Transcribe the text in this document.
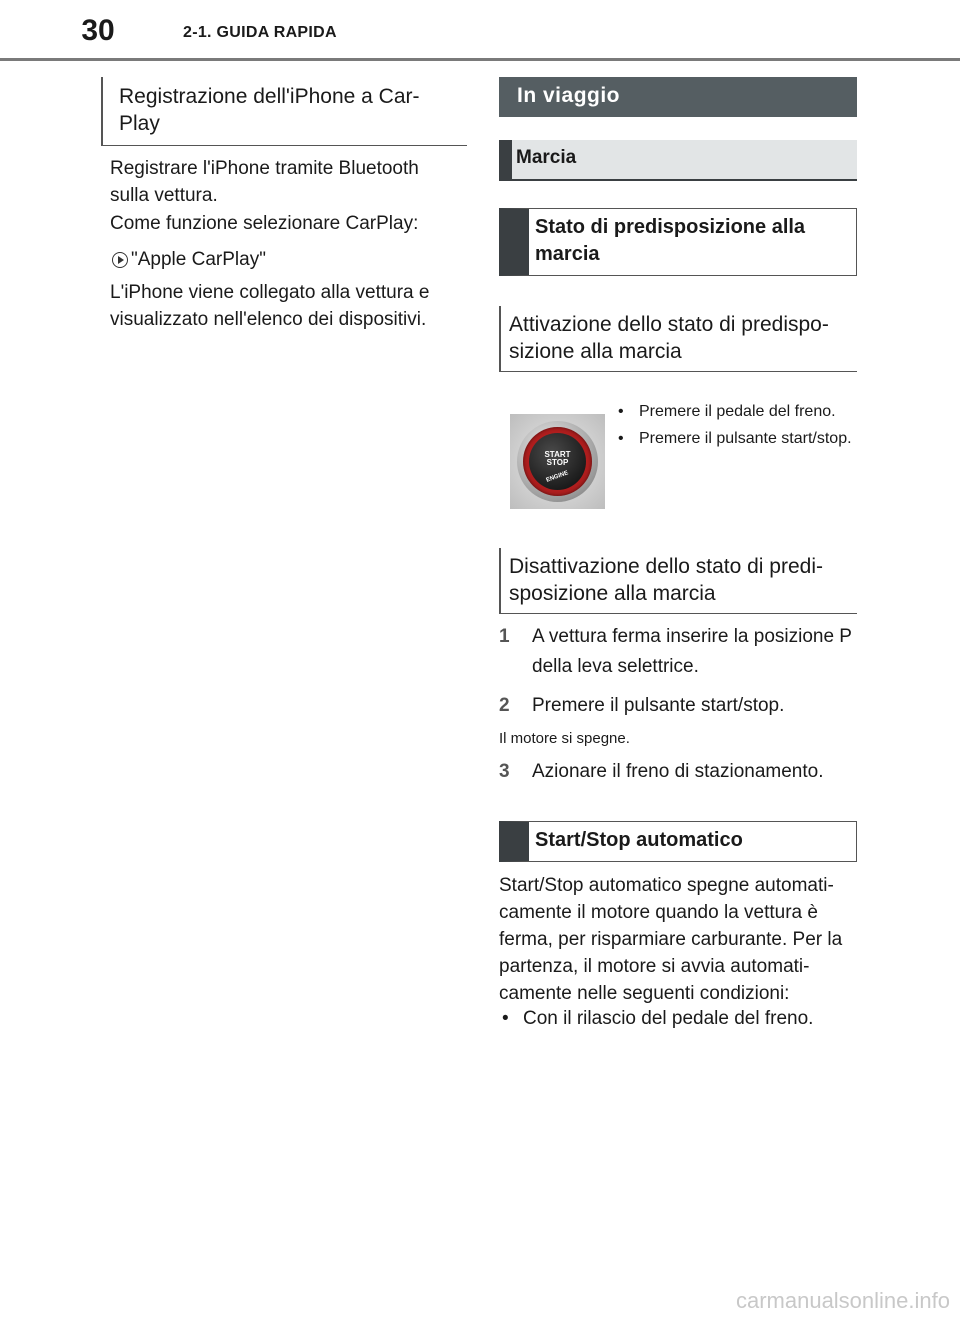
30	2-1. GUIDA RAPIDA
Registrazione dell'iPhone a Car-
Play
Registrare l'iPhone tramite Bluetooth sulla vettura.
Come funzione selezionare CarPlay:
"Apple CarPlay"
L'iPhone viene collegato alla vettura e visualizzato nell'elenco dei dispositivi.
In viaggio
Marcia
Stato di predisposizione alla marcia
Attivazione dello stato di predispo-
sizione alla marcia
START
STOP
ENGINE
• Premere il pedale del freno.
• Premere il pulsante start/stop.
Disattivazione dello stato di predi-
sposizione alla marcia
1 A vettura ferma inserire la posizione P della leva selettrice.
2 Premere il pulsante start/stop.
Il motore si spegne.
3 Azionare il freno di stazionamento.
Start/Stop automatico
Start/Stop automatico spegne automati-camente il motore quando la vettura è ferma, per risparmiare carburante. Per la partenza, il motore si avvia automati-camente nelle seguenti condizioni:
• Con il rilascio del pedale del freno.
carmanualsonline.info
